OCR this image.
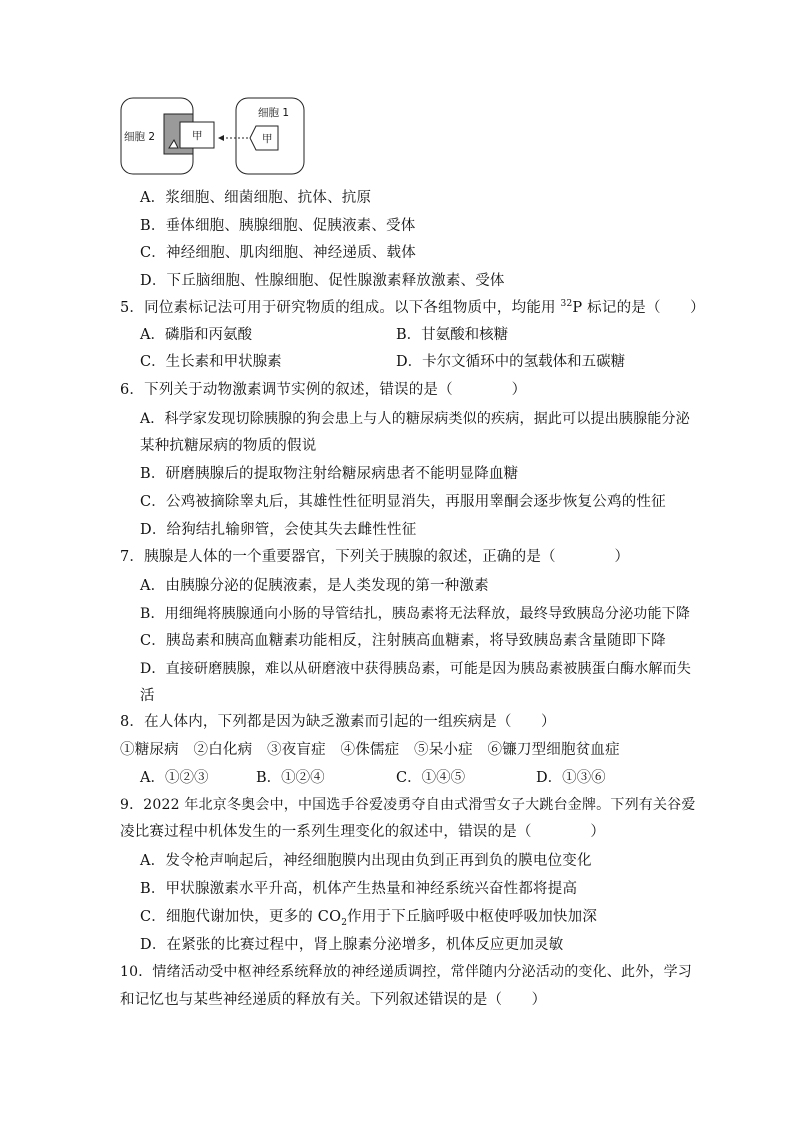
细胞 2
细胞 1
甲	甲
A．浆细胞、细菌细胞、抗体、抗原
B．垂体细胞、胰腺细胞、促胰液素、受体
C．神经细胞、肌肉细胞、神经递质、载体
D．下丘脑细胞、性腺细胞、促性腺激素释放激素、受体
5．同位素标记法可用于研究物质的组成。以下各组物质中，均能用 $^{32}$P 标记的是（　　）
A．磷脂和丙氨酸	B．甘氨酸和核糖
C．生长素和甲状腺素	D．卡尔文循环中的氢载体和五碳糖
6．下列关于动物激素调节实例的叙述，错误的是（　　　　）
A．科学家发现切除胰腺的狗会患上与人的糖尿病类似的疾病，据此可以提出胰腺能分泌
某种抗糖尿病的物质的假说
B．研磨胰腺后的提取物注射给糖尿病患者不能明显降血糖
C．公鸡被摘除睾丸后，其雄性性征明显消失，再服用睾酮会逐步恢复公鸡的性征
D．给狗结扎输卵管，会使其失去雌性性征
7．胰腺是人体的一个重要器官，下列关于胰腺的叙述，正确的是（　　　　）
A．由胰腺分泌的促胰液素，是人类发现的第一种激素
B．用细绳将胰腺通向小肠的导管结扎，胰岛素将无法释放，最终导致胰岛分泌功能下降
C．胰岛素和胰高血糖素功能相反，注射胰高血糖素，将导致胰岛素含量随即下降
D．直接研磨胰腺，难以从研磨液中获得胰岛素，可能是因为胰岛素被胰蛋白酶水解而失
活
8．在人体内，下列都是因为缺乏激素而引起的一组疾病是（　　）
①糖尿病　②白化病　③夜盲症　④侏儒症　⑤呆小症　⑥镰刀型细胞贫血症
A．①②③	B．①②④	C．①④⑤	D．①③⑥
9．2022 年北京冬奥会中，中国选手谷爱凌勇夺自由式滑雪女子大跳台金牌。下列有关谷爱
凌比赛过程中机体发生的一系列生理变化的叙述中，错误的是（　　　　）
A．发令枪声响起后，神经细胞膜内出现由负到正再到负的膜电位变化
B．甲状腺激素水平升高，机体产生热量和神经系统兴奋性都将提高
C．细胞代谢加快，更多的 $CO_2$作用于下丘脑呼吸中枢使呼吸加快加深
D．在紧张的比赛过程中，肾上腺素分泌增多，机体反应更加灵敏
10．情绪活动受中枢神经系统释放的神经递质调控，常伴随内分泌活动的变化、此外，学习
和记忆也与某些神经递质的释放有关。下列叙述错误的是（　　）
